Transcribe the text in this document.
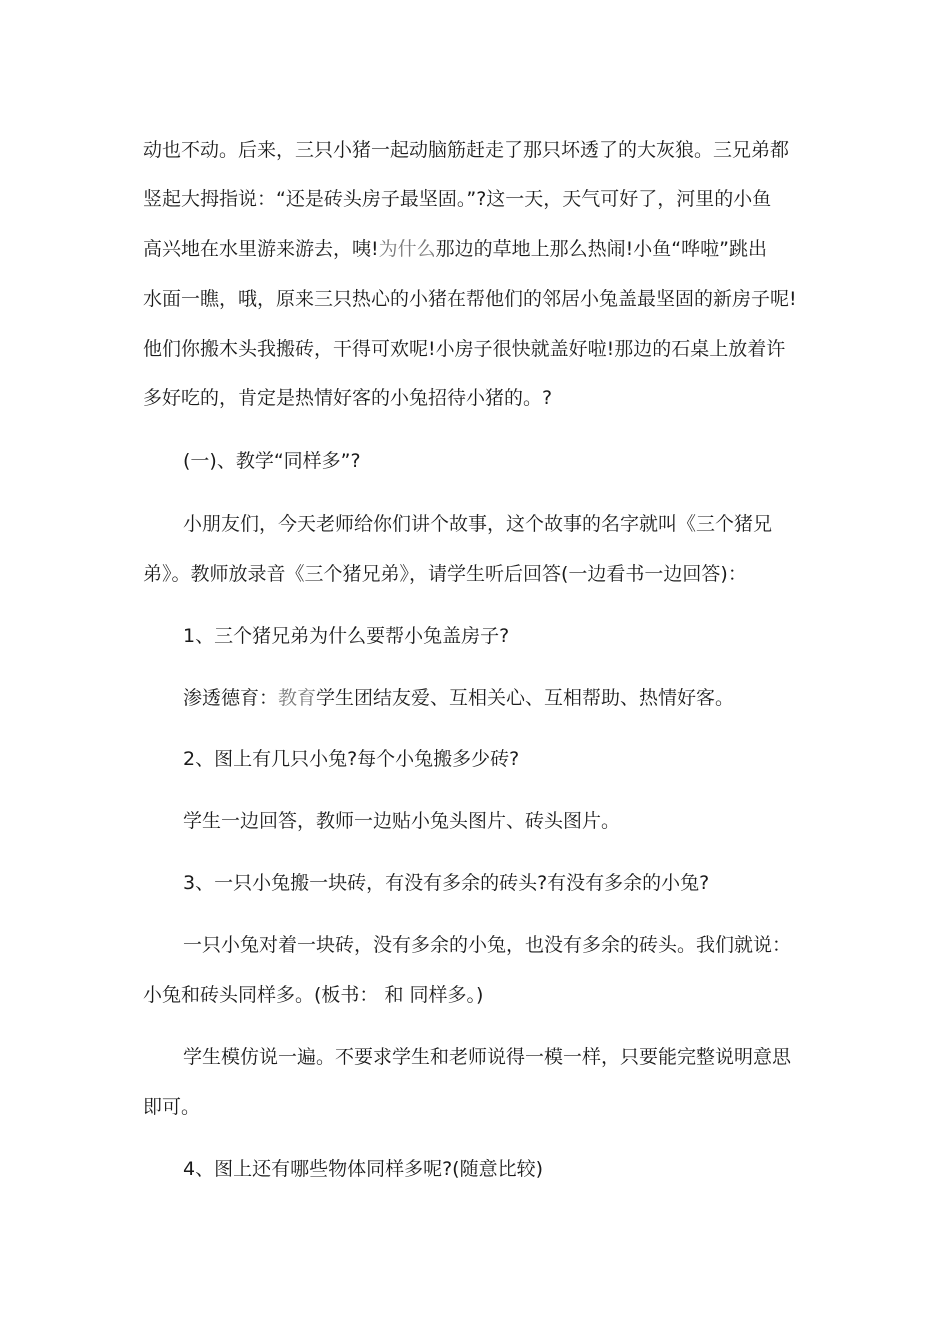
动也不动。后来，三只小猪一起动脑筋赶走了那只坏透了的大灰狼。三兄弟都
竖起大拇指说：“还是砖头房子最坚固。”?这一天，天气可好了，河里的小鱼
高兴地在水里游来游去，咦!为什么那边的草地上那么热闹!小鱼“哗啦”跳出
水面一瞧，哦，原来三只热心的小猪在帮他们的邻居小兔盖最坚固的新房子呢!
他们你搬木头我搬砖，干得可欢呢!小房子很快就盖好啦!那边的石桌上放着许
多好吃的，肯定是热情好客的小兔招待小猪的。?
(一)、教学“同样多”?
小朋友们，今天老师给你们讲个故事，这个故事的名字就叫《三个猪兄
弟》。教师放录音《三个猪兄弟》，请学生听后回答(一边看书一边回答)：
1、三个猪兄弟为什么要帮小兔盖房子?
渗透德育：教育学生团结友爱、互相关心、互相帮助、热情好客。
2、图上有几只小兔?每个小兔搬多少砖?
学生一边回答，教师一边贴小兔头图片、砖头图片。
3、一只小兔搬一块砖，有没有多余的砖头?有没有多余的小兔?
一只小兔对着一块砖，没有多余的小兔，也没有多余的砖头。我们就说：
小兔和砖头同样多。(板书： 和 同样多。)
学生模仿说一遍。不要求学生和老师说得一模一样，只要能完整说明意思
即可。
4、图上还有哪些物体同样多呢?(随意比较)
